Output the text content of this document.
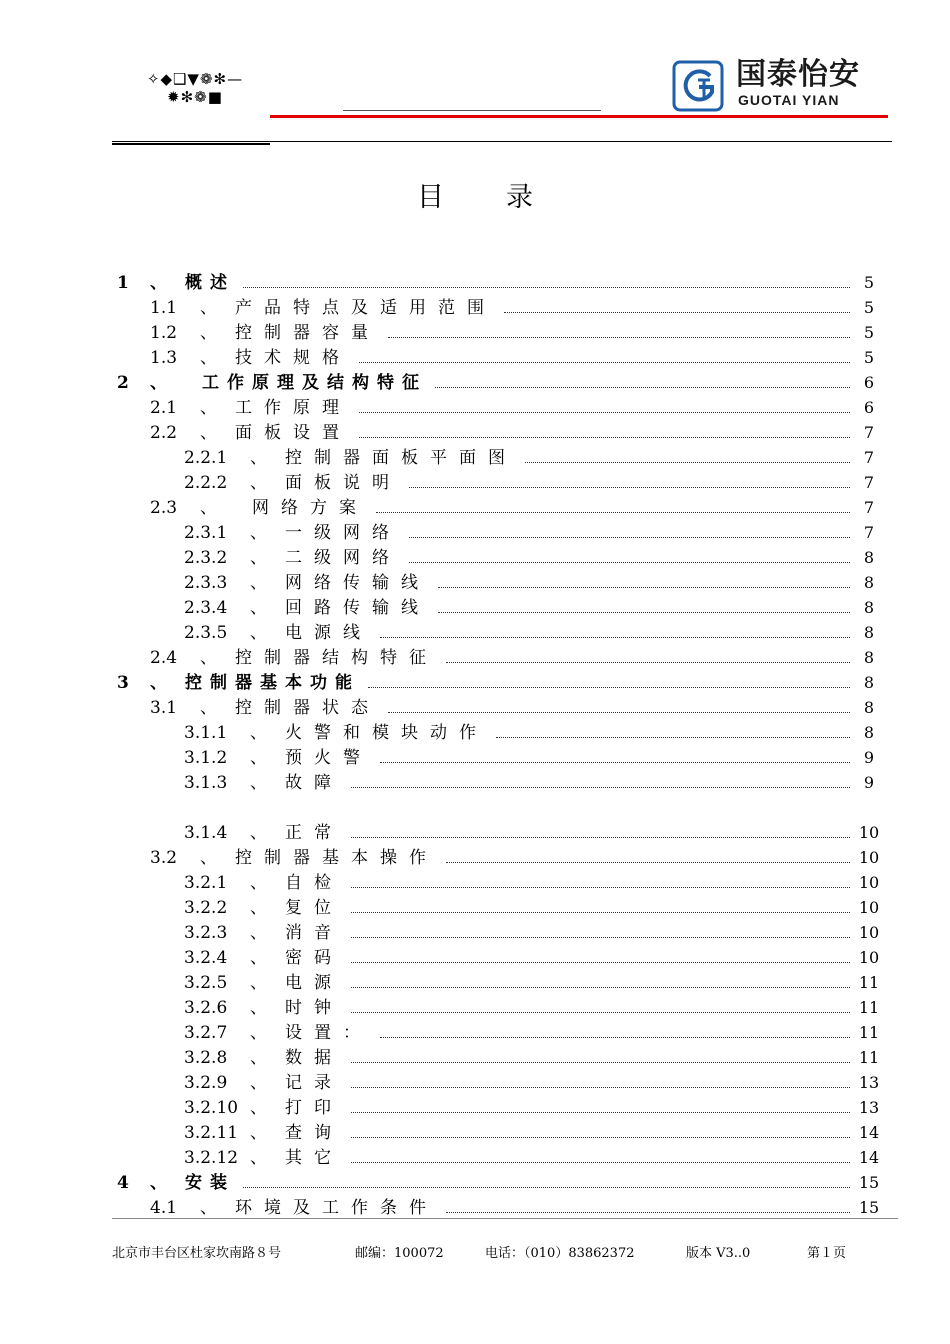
✧◆❑▼❁✻—
✹✻❁■
国泰怡安
GUOTAI YIAN
目录
1	、	概述	5
1.1	、	产品特点及适用范围	5
1.2	、	控制器容量	5
1.3	、	技术规格	5
2	、	工作原理及结构特征	6
2.1	、	工作原理	6
2.2	、	面板设置	7
2.2.1	、	控制器面板平面图	7
2.2.2	、	面板说明	7
2.3	、	网络方案	7
2.3.1	、	一级网络	7
2.3.2	、	二级网络	8
2.3.3	、	网络传输线	8
2.3.4	、	回路传输线	8
2.3.5	、	电源线	8
2.4	、	控制器结构特征	8
3	、	控制器基本功能	8
3.1	、	控制器状态	8
3.1.1	、	火警和模块动作	8
3.1.2	、	预火警	9
3.1.3	、	故障	9
3.1.4	、	正常	10
3.2	、	控制器基本操作	10
3.2.1	、	自检	10
3.2.2	、	复位	10
3.2.3	、	消音	10
3.2.4	、	密码	10
3.2.5	、	电源	11
3.2.6	、	时钟	11
3.2.7	、	设置：	11
3.2.8	、	数据	11
3.2.9	、	记录	13
3.2.10 、	打印	13
3.2.11 、	查询	14
3.2.12 、	其它	14
4	、	安装	15
4.1	、	环境及工作条件	15
北京市丰台区杜家坎南路８号	邮编：100072	电话：（010）83862372	版本 V3..0	第１页
